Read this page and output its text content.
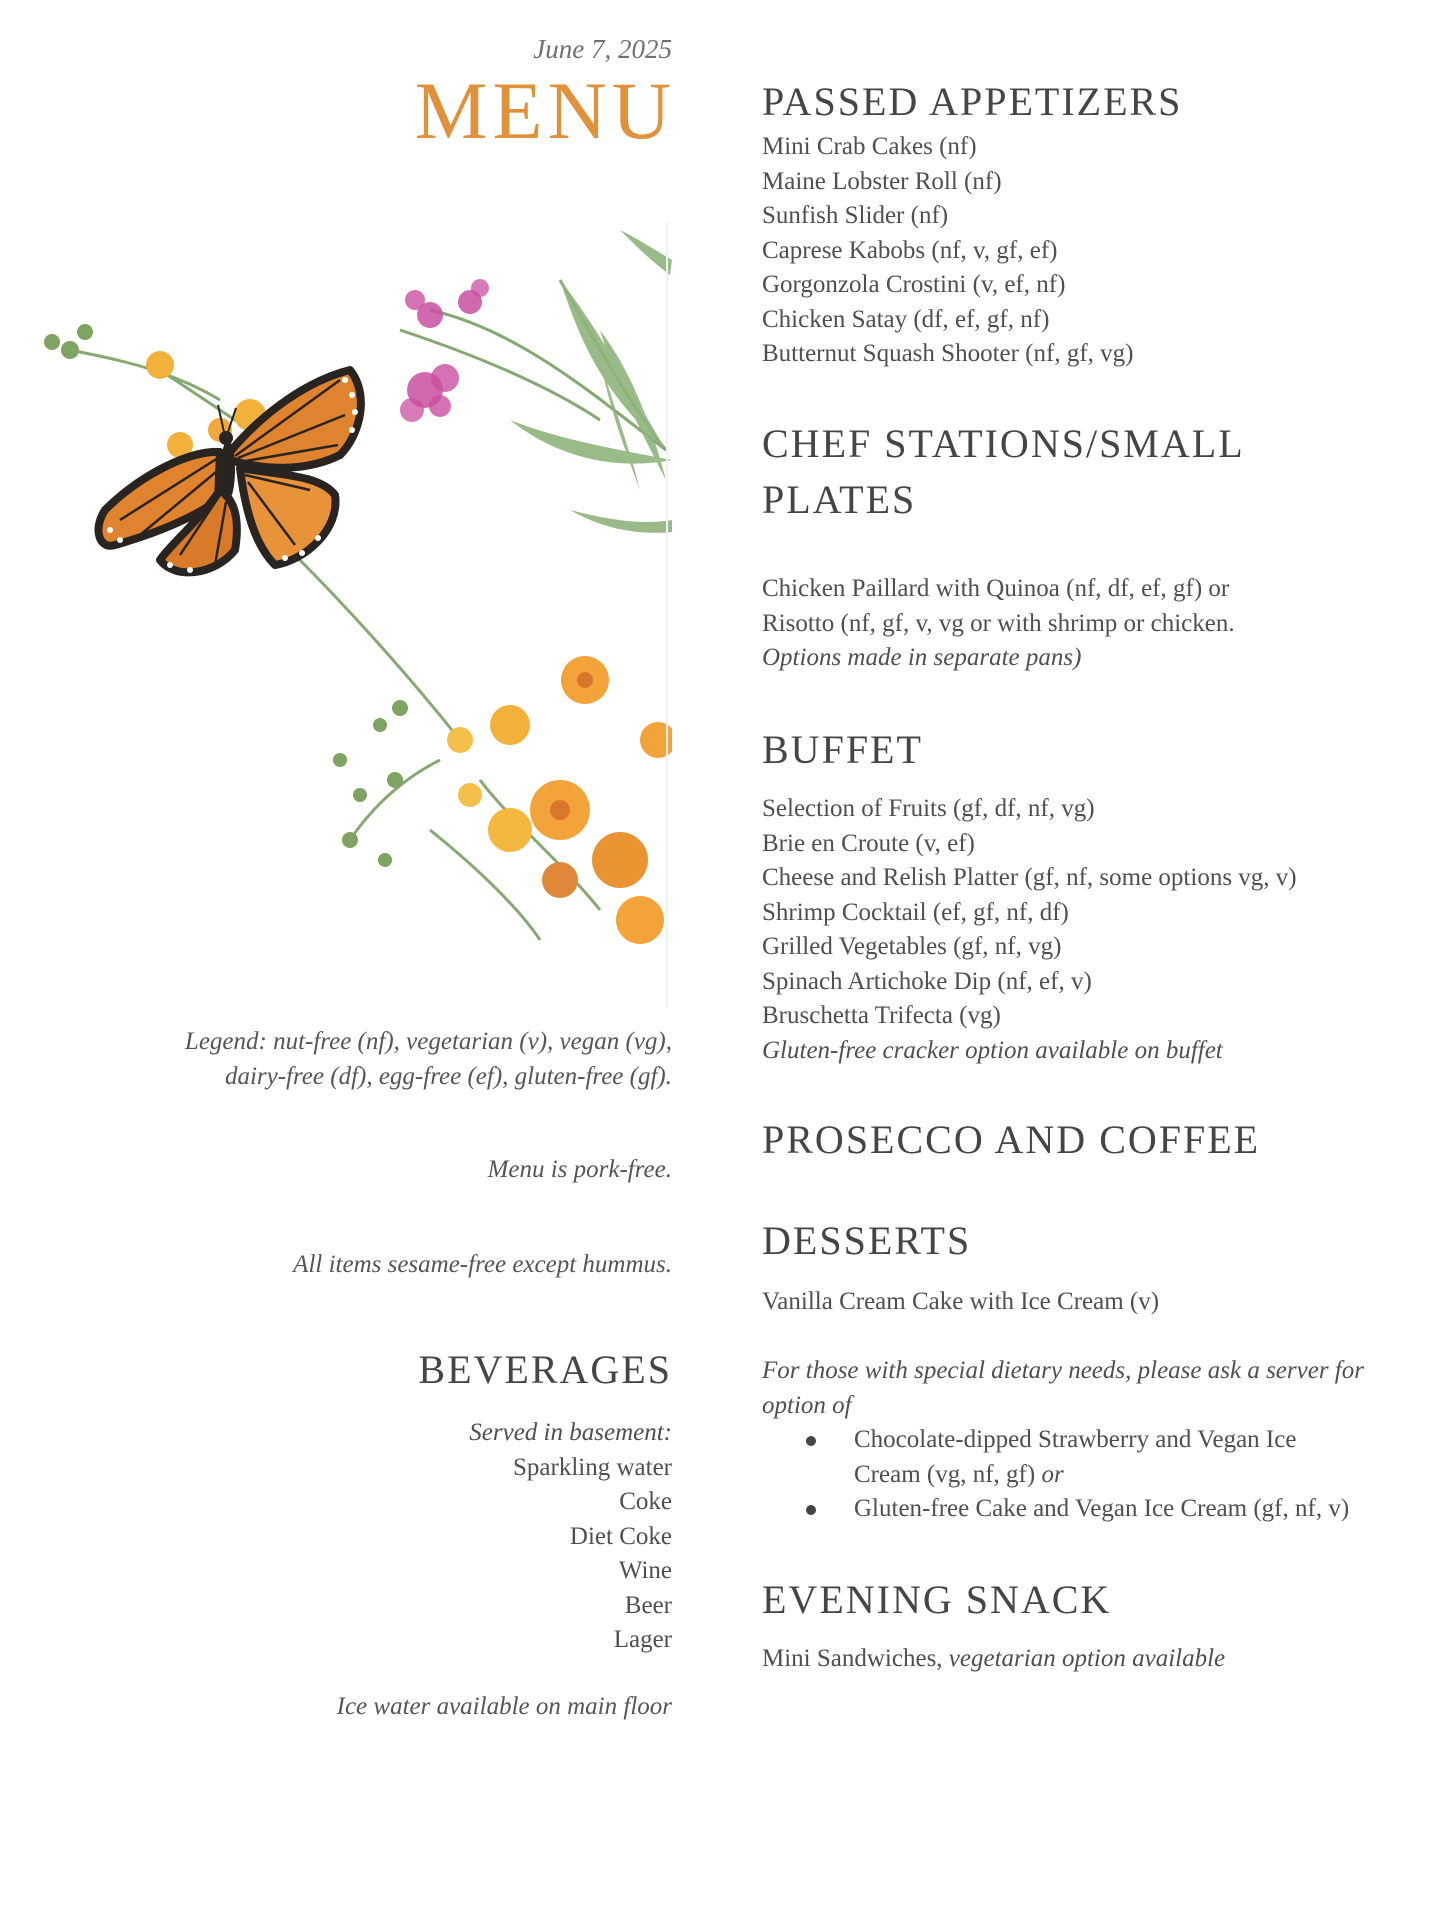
June 7, 2025
MENU
Legend: nut-free (nf), vegetarian (v), vegan (vg),
dairy-free (df), egg-free (ef), gluten-free (gf).
Menu is pork-free.
All items sesame-free except hummus.
BEVERAGES
Served in basement:
Sparkling water
Coke
Diet Coke
Wine
Beer
Lager
Ice water available on main floor
PASSED APPETIZERS
Mini Crab Cakes (nf)
Maine Lobster Roll (nf)
Sunfish Slider (nf)
Caprese Kabobs (nf, v, gf, ef)
Gorgonzola Crostini (v, ef, nf)
Chicken Satay (df, ef, gf, nf)
Butternut Squash Shooter (nf, gf, vg)
CHEF STATIONS/SMALL
PLATES
Chicken Paillard with Quinoa (nf, df, ef, gf) or
Risotto (nf, gf, v, vg or with shrimp or chicken.
Options made in separate pans)
BUFFET
Selection of Fruits (gf, df, nf, vg)
Brie en Croute (v, ef)
Cheese and Relish Platter (gf, nf, some options vg, v)
Shrimp Cocktail (ef, gf, nf, df)
Grilled Vegetables (gf, nf, vg)
Spinach Artichoke Dip (nf, ef, v)
Bruschetta Trifecta (vg)
Gluten-free cracker option available on buffet
PROSECCO AND COFFEE
DESSERTS
Vanilla Cream Cake with Ice Cream (v)
For those with special dietary needs, please ask a server for
option of
Chocolate-dipped Strawberry and Vegan Ice
Cream (vg, nf, gf) or
Gluten-free Cake and Vegan Ice Cream (gf, nf, v)
EVENING SNACK
Mini Sandwiches, vegetarian option available
